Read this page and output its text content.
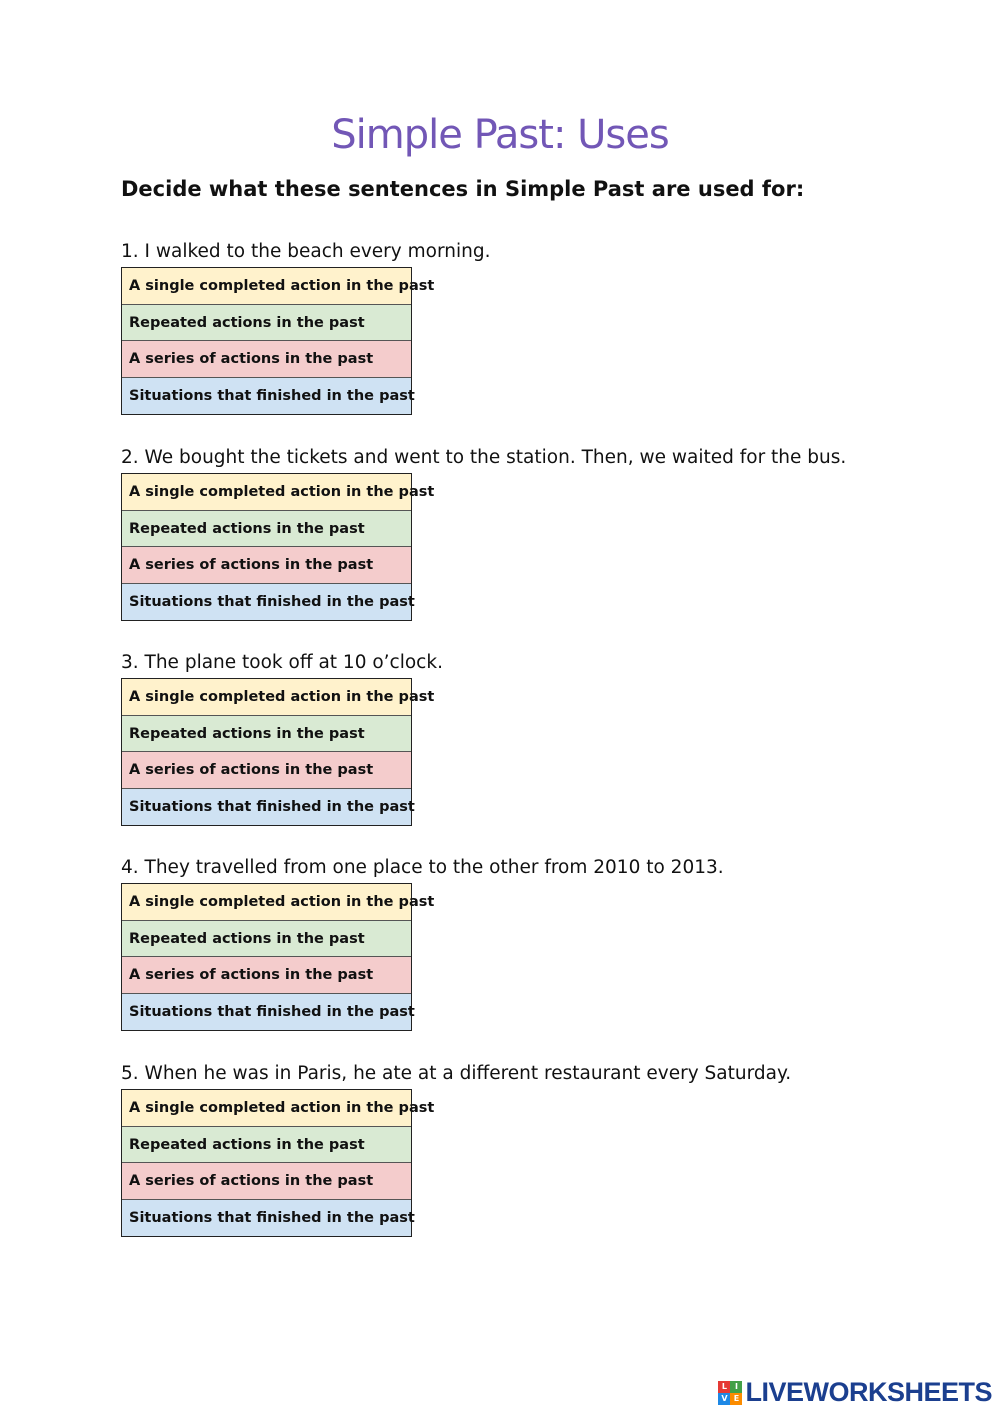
Simple Past: Uses
Decide what these sentences in Simple Past are used for:
1. I walked to the beach every morning.
A single completed action in the past
Repeated actions in the past
A series of actions in the past
Situations that finished in the past
2. We bought the tickets and went to the station. Then, we waited for the bus.
A single completed action in the past
Repeated actions in the past
A series of actions in the past
Situations that finished in the past
3. The plane took off at 10 o’clock.
A single completed action in the past
Repeated actions in the past
A series of actions in the past
Situations that finished in the past
4. They travelled from one place to the other from 2010 to 2013.
A single completed action in the past
Repeated actions in the past
A series of actions in the past
Situations that finished in the past
5. When he was in Paris, he ate at a different restaurant every Saturday.
A single completed action in the past
Repeated actions in the past
A series of actions in the past
Situations that finished in the past
L I
V E LIVEWORKSHEETS
